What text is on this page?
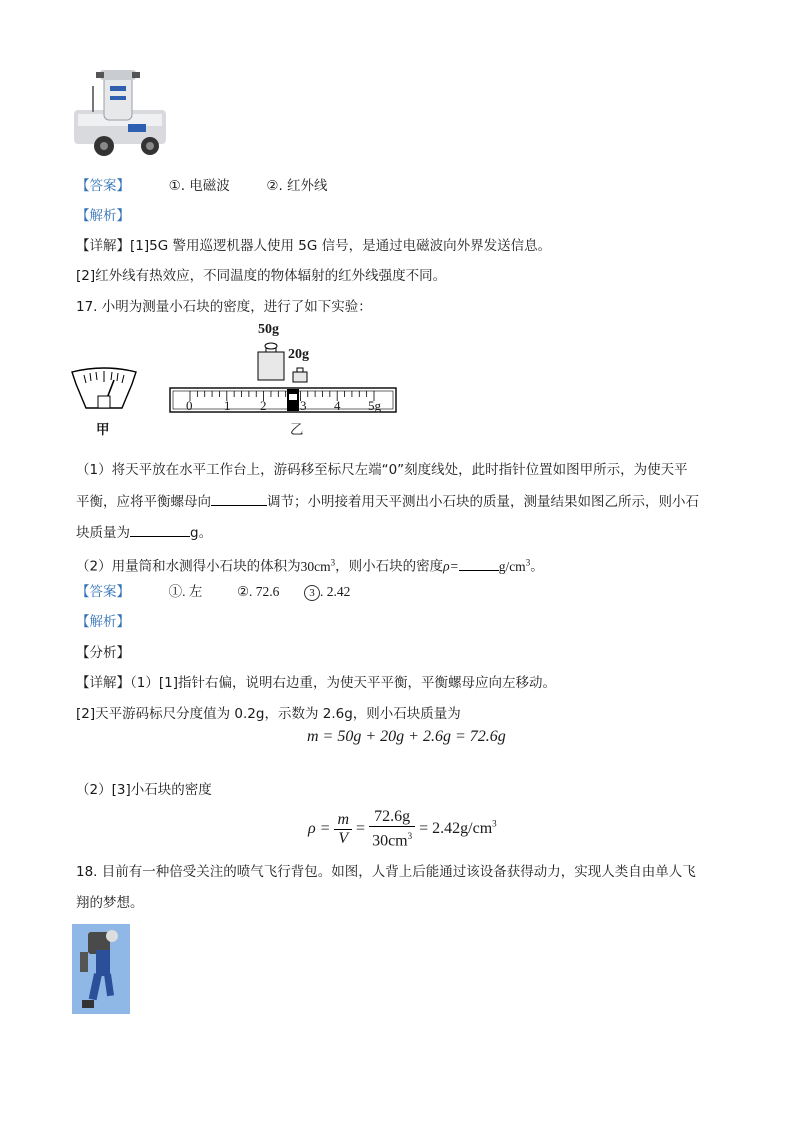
【答案】	①. 电磁波	②. 红外线
【解析】
【详解】[1]5G 警用巡逻机器人使用 5G 信号，是通过电磁波向外界发送信息。
[2]红外线有热效应，不同温度的物体辐射的红外线强度不同。
17. 小明为测量小石块的密度，进行了如下实验：
50g
20g
0 1 2	3 4 5g
甲	乙
（1）将天平放在水平工作台上，游码移至标尺左端“0”刻度线处，此时指针位置如图甲所示，为使天平
平衡，应将平衡螺母向	调节；小明接着用天平测出小石块的质量，测量结果如图乙所示，则小石
块质量为	g。
（2）用量筒和水测得小石块的体积为$30cm^3$，则小石块的密度ρ=	$g/cm^3$。
【答案】	①. 左	②. 72.6	3 . 2.42
【解析】
【分析】
【详解】（1）[1]指针右偏，说明右边重，为使天平平衡，平衡螺母应向左移动。
[2]天平游码标尺分度值为 0.2g，示数为 2.6g，则小石块质量为
m = 50g + 20g + 2.6g = 72.6g
（2）[3]小石块的密度
$\rho = \frac{m}{V} = \frac{72.6g}{30cm^3} = 2.42g/cm^3$
18. 目前有一种倍受关注的喷气飞行背包。如图，人背上后能通过该设备获得动力，实现人类自由单人飞
翔的梦想。
